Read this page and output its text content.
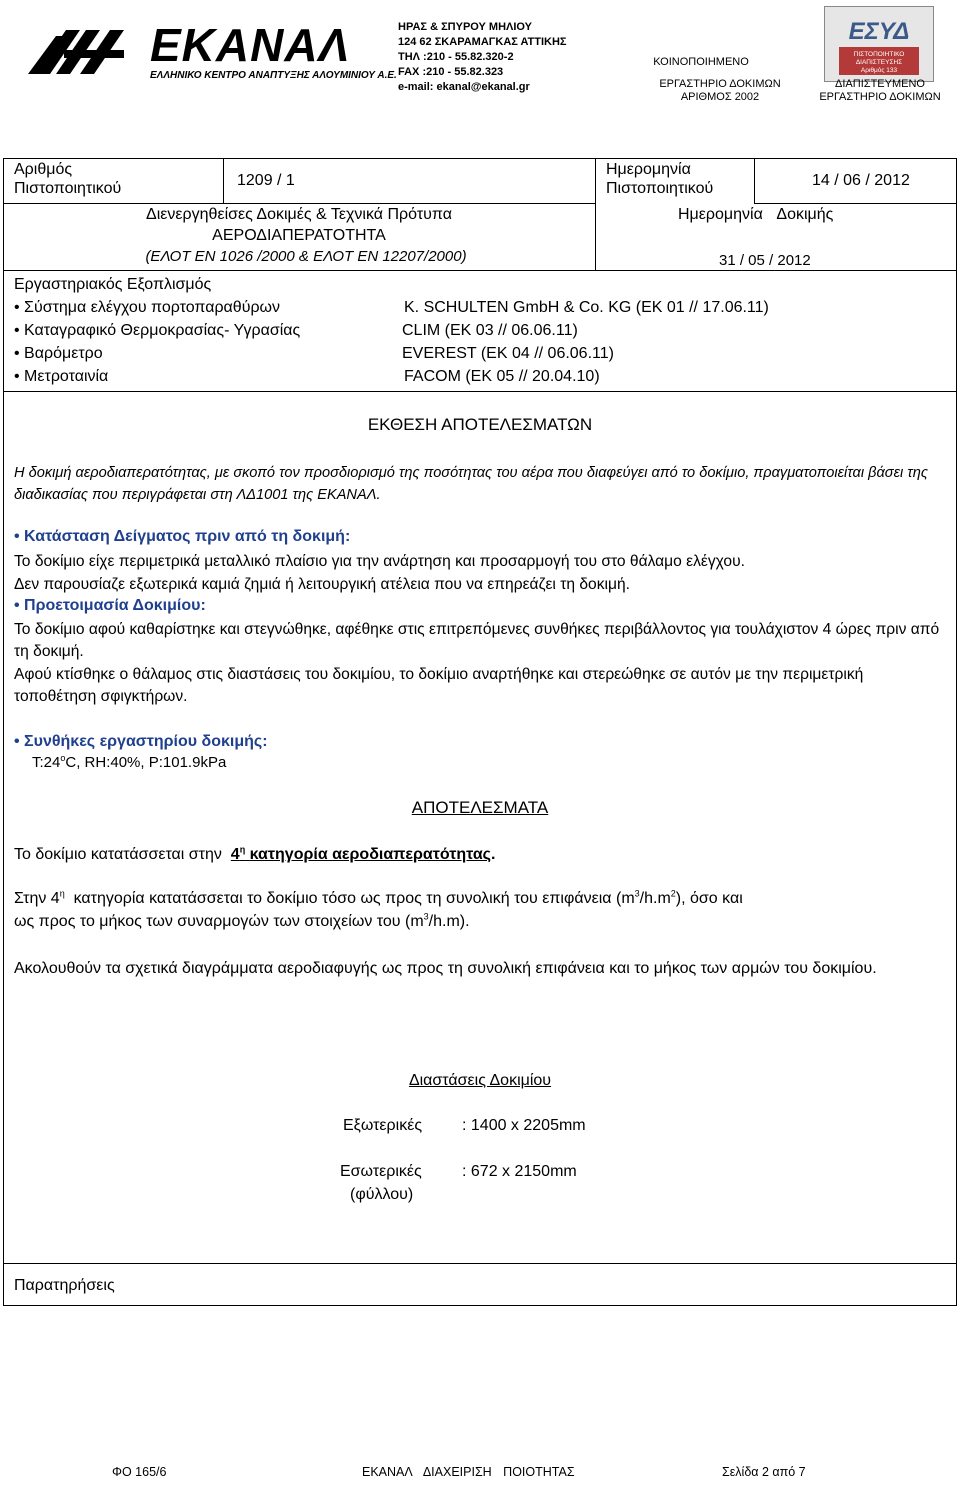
ΕΚΑΝΑΛ
ΕΛΛΗΝΙΚΟ ΚΕΝΤΡΟ ΑΝΑΠΤΥΞΗΣ ΑΛΟΥΜΙΝΙΟΥ Α.Ε.
ΗΡΑΣ & ΣΠΥΡΟΥ ΜΗΛΙΟΥ
124 62 ΣΚΑΡΑΜΑΓΚΑΣ ΑΤΤΙΚΗΣ
ΤΗΛ :210 - 55.82.320-2
FAX :210 - 55.82.323
e-mail: ekanal@ekanal.gr
ΚΟΙΝΟΠΟΙΗΜΕΝΟ
ΕΡΓΑΣΤΗΡΙΟ ΔΟΚΙΜΩΝ
ΑΡΙΘΜΟΣ 2002
ΕΣΥΔ
ΠΙΣΤΟΠΟΙΗΤΙΚΟ
ΔΙΑΠΙΣΤΕΥΣΗΣ
Αριθμός 133
ΔΙΑΠΙΣΤΕΥΜΕΝΟ
ΕΡΓΑΣΤΗΡΙΟ ΔΟΚΙΜΩΝ
Αριθμός
Πιστοποιητικού	1209 / 1
Ημερομηνία
Πιστοποιητικού	14 / 06 / 2012
Διενεργηθείσες Δοκιμές & Τεχνικά Πρότυπα
ΑΕΡΟΔΙΑΠΕΡΑΤΟΤΗΤΑ
(ΕΛΟΤ ΕΝ 1026 /2000 & ΕΛΟΤ ΕΝ 12207/2000)
Ημερομηνία Δοκιμής
31 / 05 / 2012
Εργαστηριακός Εξοπλισμός
• Σύστημα ελέγχου πορτοπαραθύρων	K. SCHULTEN GmbH & Co. KG (ΕΚ 01 // 17.06.11)
• Καταγραφικό Θερμοκρασίας- Υγρασίας	CLIM (ΕΚ 03 // 06.06.11)
• Βαρόμετρο	EVEREST (ΕΚ 04 // 06.06.11)
• Μετροταινία	FACOM (ΕΚ 05 // 20.04.10)
ΕΚΘΕΣΗ ΑΠΟΤΕΛΕΣΜΑΤΩΝ
Η δοκιμή αεροδιαπερατότητας, με σκοπό τον προσδιορισμό της ποσότητας του αέρα που διαφεύγει από το δοκίμιο, πραγματοποιείται βάσει της διαδικασίας που περιγράφεται στη ΛΔ1001 της ΕΚΑΝΑΛ.
• Κατάσταση Δείγματος πριν από τη δοκιμή:
Το δοκίμιο είχε περιμετρικά μεταλλικό πλαίσιο για την ανάρτηση και προσαρμογή του στο θάλαμο ελέγχου.
Δεν παρουσίαζε εξωτερικά καμιά ζημιά ή λειτουργική ατέλεια που να επηρεάζει τη δοκιμή.
• Προετοιμασία Δοκιμίου:
Το δοκίμιο αφού καθαρίστηκε και στεγνώθηκε, αφέθηκε στις επιτρεπόμενες συνθήκες περιβάλλοντος για τουλάχιστον 4 ώρες πριν από τη δοκιμή.
Αφού κτίσθηκε ο θάλαμος στις διαστάσεις του δοκιμίου, το δοκίμιο αναρτήθηκε και στερεώθηκε σε αυτόν με την περιμετρική τοποθέτηση σφιγκτήρων.
• Συνθήκες εργαστηρίου δοκιμής:
T:24$^o$C, RH:40%, P:101.9kPa
ΑΠΟΤΕΛΕΣΜΑΤΑ
Το δοκίμιο κατατάσσεται στην $4^\eta$ κατηγορία αεροδιαπερατότητας.
Στην $4^\eta$ κατηγορία κατατάσσεται το δοκίμιο τόσο ως προς τη συνολική του επιφάνεια $(m^3/h.m^2)$, όσο και
ως προς το μήκος των συναρμογών των στοιχείων του $(m^3/h.m)$.
Ακολουθούν τα σχετικά διαγράμματα αεροδιαφυγής ως προς τη συνολική επιφάνεια και το μήκος των αρμών του δοκιμίου.
Διαστάσεις Δοκιμίου
Εξωτερικές : 1400 x 2205mm
Εσωτερικές	: 672 x 2150mm
(φύλλου)
Παρατηρήσεις
ΦΟ 165/6	ΕΚΑΝΑΛ ΔΙΑΧΕΙΡΙΣΗ ΠΟΙΟΤΗΤΑΣ	Σελίδα 2 από 7
